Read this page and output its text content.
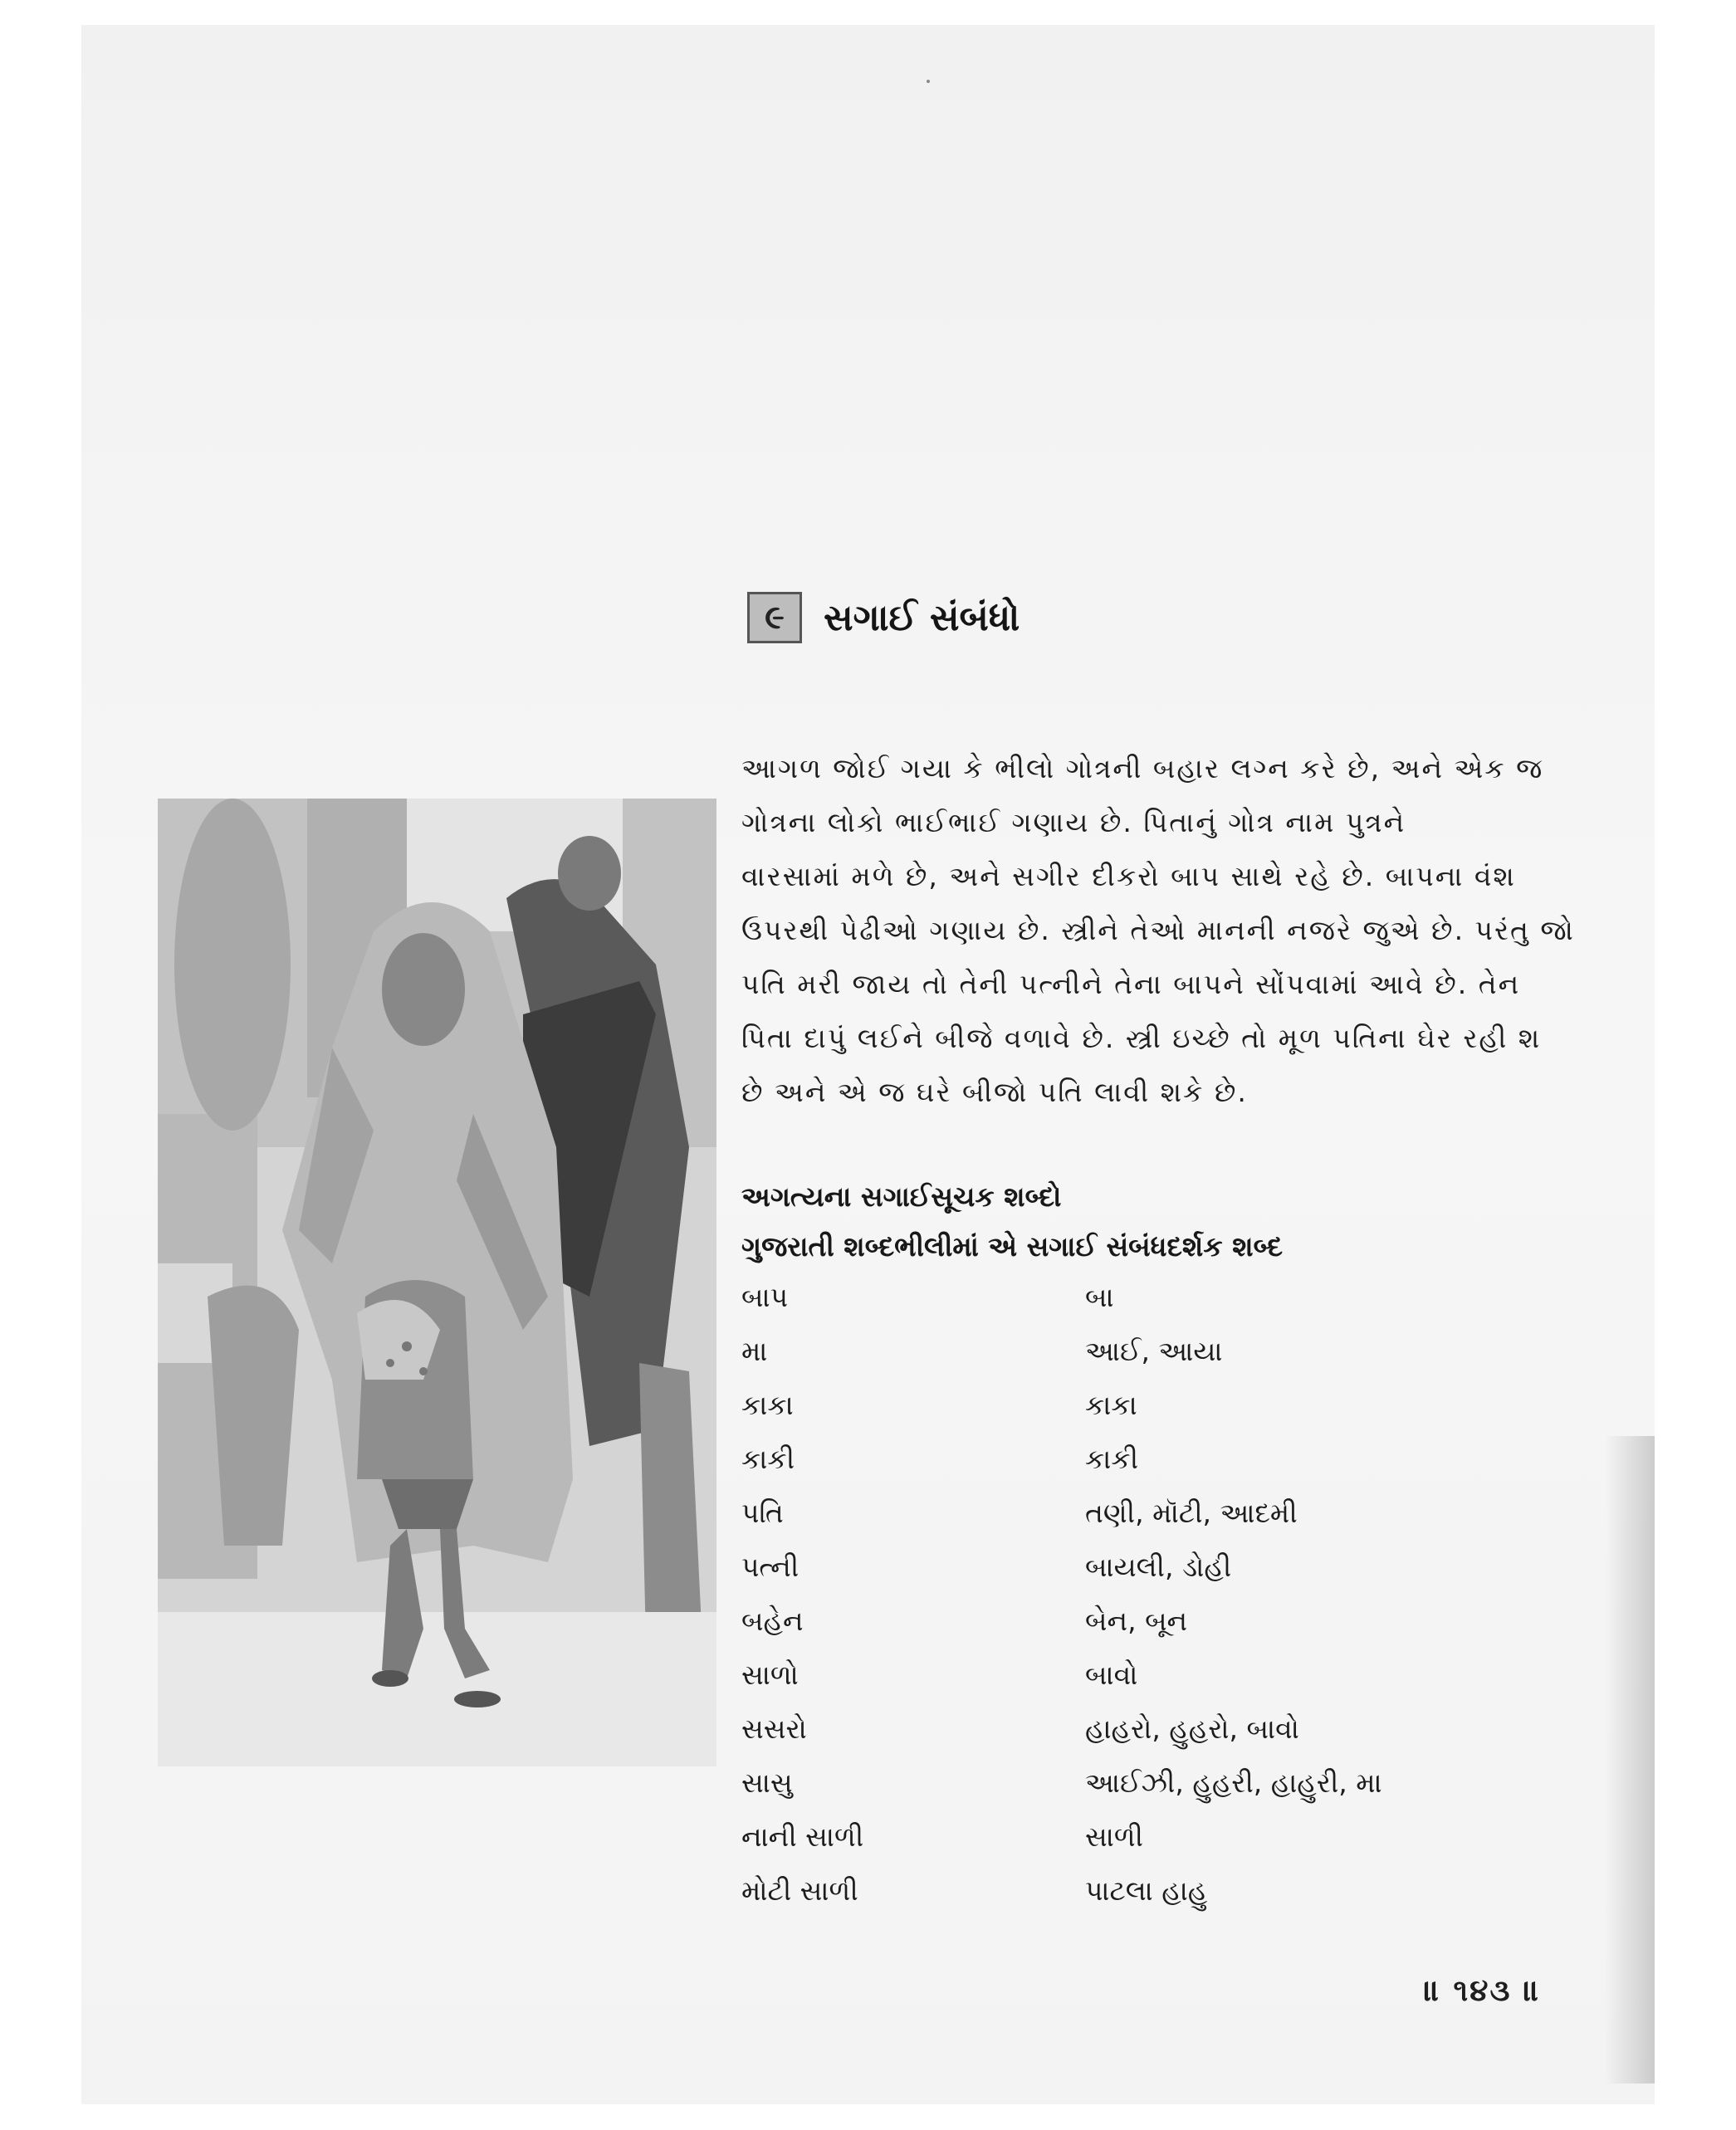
૯ સગાઈ સંબંધો
આગળ જોઈ ગયા કે ભીલો ગોત્રની બહાર લગ્ન કરે છે, અને એક જ
ગોત્રના લોકો ભાઈભાઈ ગણાય છે. પિતાનું ગોત્ર નામ પુત્રને
વારસામાં મળે છે, અને સગીર દીકરો બાપ સાથે રહે છે. બાપના વંશ
ઉપરથી પેઢીઓ ગણાય છે. સ્ત્રીને તેઓ માનની નજરે જુએ છે. પરંતુ જો
પતિ મરી જાય તો તેની પત્નીને તેના બાપને સોંપવામાં આવે છે. તેન
પિતા દાપું લઈને બીજે વળાવે છે. સ્ત્રી ઇચ્છે તો મૂળ પતિના ઘેર રહી શ
છે અને એ જ ઘરે બીજો પતિ લાવી શકે છે.
અગત્યના સગાઈસૂચક શબ્દો
ગુજરાતી શબ્દભીલીમાં એ સગાઈ સંબંધદર્શક શબ્દ
બાપ	બા
મા	આઈ, આયા
કાકા	કાકા
કાકી	કાકી
પતિ	તણી, મૉટી, આદમી
પત્ની	બાયલી, ડોહી
બહેન	બેન, બૂન
સાળો	બાવો
સસરો	હાહરો, હુહરો, બાવો
સાસુ	આઈઝી, હુહરી, હાહુરી, મા
નાની સાળી	સાળી
મોટી સાળી	પાટલા હાહુ
॥ ૧૪૩ ॥
